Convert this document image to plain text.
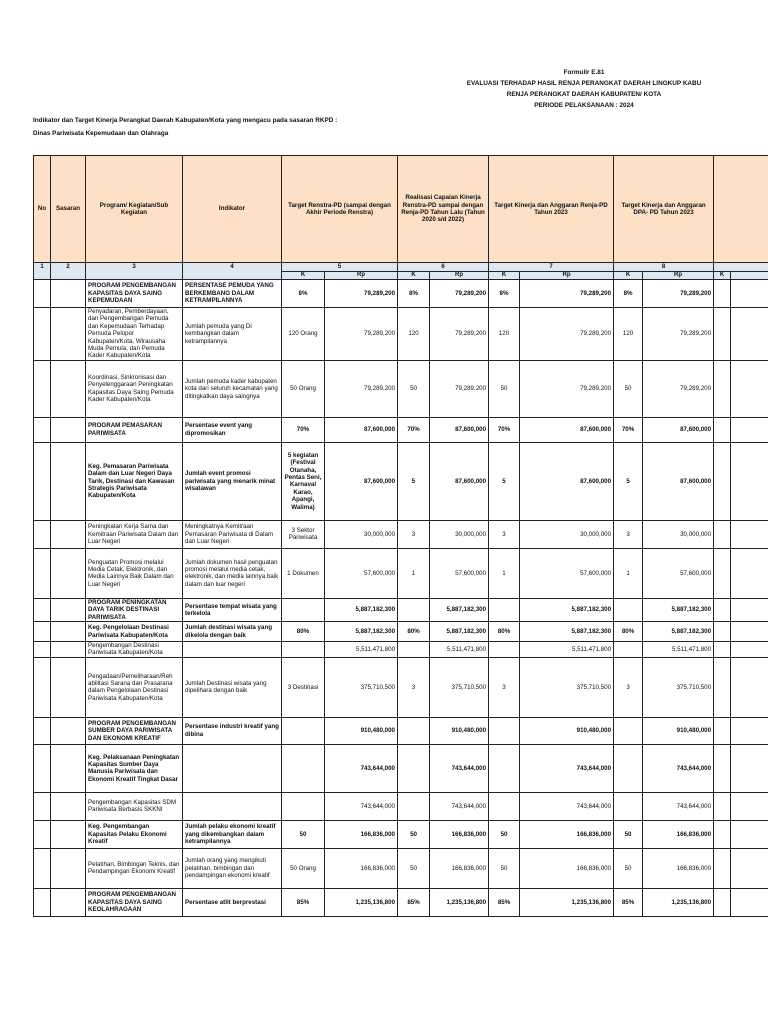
Formulir E.81
EVALUASI TERHADAP HASIL RENJA PERANGKAT DAERAH LINGKUP KABU
RENJA PERANGKAT DAERAH KABUPATEN/ KOTA
PERIODE PELAKSANAAN : 2024
Indikator dan Target Kinerja Perangkat Daerah Kabupaten/Kota yang mengacu pada sasaran RKPD :
Dinas Pariwisata Kepemudaan dan Olahraga
No	Sasaran	Program/ Kegiatan/Sub Kegiatan	Indikator	Target Renstra-PD (sampai dengan Akhir Periode Renstra)		Realisasi Capaian Kinerja Renstra-PD sampai dengan Renja-PD Tahun Lalu (Tahun 2020 s/d 2022)		Target Kinerja dan Anggaran Renja-PD Tahun 2023		Target Kinerja dan Anggaran DPA- PD Tahun 2023			
1	2	3	4	5		6		7		8			
				K	Rp	K	Rp	K	Rp	K	Rp	K	
		PROGRAM PENGEMBANGAN KAPASITAS DAYA SAING KEPEMUDAAN	PERSENTASE PEMUDA YANG BERKEMBANG DALAM KETRAMPILANNYA	8%	79,289,200	8%	79,289,200	8%	79,289,200	8%	79,289,200		
		Penyadaran, Pemberdayaan, dan Pengembangan Pemuda dan Kepemudaan Terhadap Pemuda Pelopor Kabupaten/Kota, Wirausaha Muda Pemula, dan Pemuda Kader Kabupaten/Kota	Jumlah pemuda yang Di kembangkan dalam ketrampilannya	120 Orang	79,289,200	120	79,289,200	120	79,289,200	120	79,289,200		
		Koordinasi, Sinkronisasi dan Penyelenggaraan Peningkatan Kapasitas Daya Saing Pemuda Kader Kabupaten/Kota	Jumlah pemuda kader kabupaten kota dari seluruh kecamatan yang ditingkatkan daya saingnya	50 Orang	79,289,200	50	79,289,200	50	79,289,200	50	79,289,200		
		PROGRAM PEMASARAN PARIWISATA	Persentase event yang dipromosikan	70%	87,600,000	70%	87,600,000	70%	87,600,000	70%	87,600,000		
		Keg. Pemasaran Pariwisata Dalam dan Luar Negeri Daya Tarik, Destinasi dan Kawasan Strategis Pariwisata Kabupaten/Kota	Jumlah event promosi pariwisata yang menarik minat wisatawan	5 kegiatan (Festival Otanaha, Pentas Seni, Karnaval Karao, Apangi, Walima)	87,600,000	5	87,600,000	5	87,600,000	5	87,600,000		
		Peningkatan Kerja Sama dan Kemitraan Pariwisata Dalam dan Luar Negeri	Meningkatnya Kemitraan Pemasaran Pariwisata di Dalam dan Luar Negeri	3 Sektor Pariwisata	30,000,000	3	30,000,000	3	30,000,000	3	30,000,000		
		Penguatan Promosi melalui Media Cetak, Elektronik, dan Media Lainnya Baik Dalam dan Luar Negeri	Jumlah dokumen hasil penguatan promosi melalui media cetak, elektronik, dan media lainnya baik dalam dan luar negeri	1 Dokumen	57,600,000	1	57,600,000	1	57,600,000	1	57,600,000		
		PROGRAM PENINGKATAN DAYA TARIK DESTINASI PARIWISATA	Persentase tempat wisata yang terkelola		5,887,182,300		5,887,182,300		5,887,182,300		5,887,182,300		
		Keg. Pengelolaan Destinasi Pariwisata Kabupaten/Kota	Jumlah destinasi wisata yang dikelola dengan baik	80%	5,887,182,300	80%	5,887,182,300	80%	5,887,182,300	80%	5,887,182,300		
		Pengembangan Destinasi Pariwisata Kabupaten/Kota			5,511,471,800		5,511,471,800		5,511,471,800		5,511,471,800		
		Pengadaan/Pemeliharaan/Reh abilitasi Sarana dan Prasarana dalam Pengelolaan Destinasi Pariwisata Kabupaten/Kota	Jumlah Destinasi wisata yang dipelihara dengan baik	3 Destinasi	375,710,500	3	375,710,500	3	375,710,500	3	375,710,500		
		PROGRAM PENGEMBANGAN SUMBER DAYA PARIWISATA DAN EKONOMI KREATIF	Persentase industri kreatif yang dibina		910,480,000		910,480,000		910,480,000		910,480,000		
		Keg. Pelaksanaan Peningkatan Kapasitas Sumber Daya Manusia Pariwisata dan Ekonomi Kreatif Tingkat Dasar			743,644,000		743,644,000		743,644,000		743,644,000		
		Pengembangan Kapasitas SDM Pariwisata Berbasis SKKNI			743,644,000		743,644,000		743,644,000		743,644,000		
		Keg. Pengembangan Kapasitas Pelaku Ekonomi Kreatif	Jumlah pelaku ekonomi kreatif yang dikembangkan dalam ketrampilannya	50	166,836,000	50	166,836,000	50	166,836,000	50	166,836,000		
		Pelatihan, Bimbingan Teknis, dan Pendampingan Ekonomi Kreatif	Jumlah orang yang mengikuti pelatihan, bimbingan dan pendampingan ekonomi kreatif	50 Orang	166,836,000	50	166,836,000	50	166,836,000	50	166,836,000		
		PROGRAM PENGEMBANGAN KAPASITAS DAYA SAING KEOLAHRAGAAN	Persentase atlit berprestasi	85%	1,235,136,800	85%	1,235,136,800	85%	1,235,136,800	85%	1,235,136,800		
